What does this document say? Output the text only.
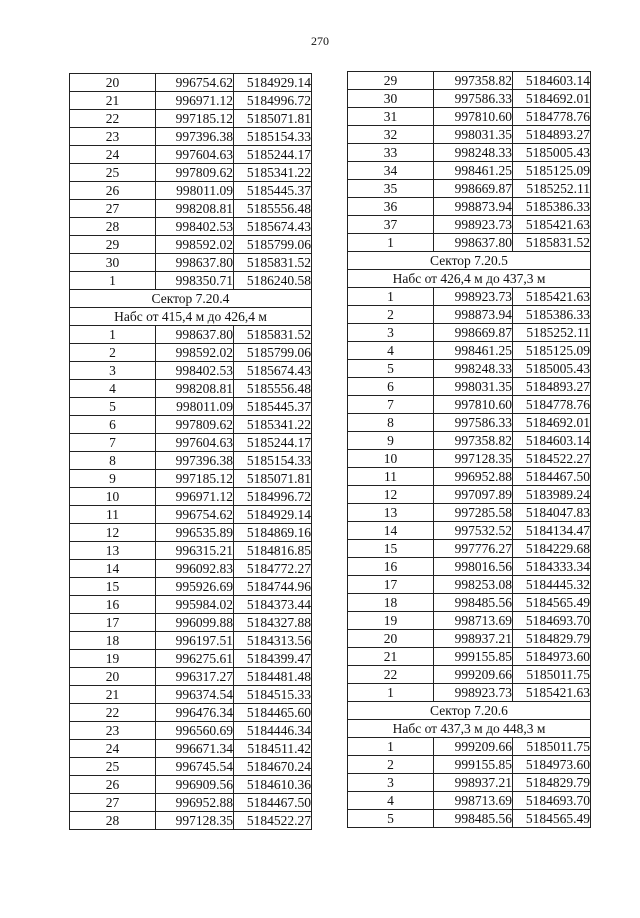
270
20	996754.62	5184929.14
21	996971.12	5184996.72
22	997185.12	5185071.81
23	997396.38	5185154.33
24	997604.63	5185244.17
25	997809.62	5185341.22
26	998011.09	5185445.37
27	998208.81	5185556.48
28	998402.53	5185674.43
29	998592.02	5185799.06
30	998637.80	5185831.52
1	998350.71	5186240.58
Сектор 7.20.4		
Набс от 415,4 м до 426,4 м		
1	998637.80	5185831.52
2	998592.02	5185799.06
3	998402.53	5185674.43
4	998208.81	5185556.48
5	998011.09	5185445.37
6	997809.62	5185341.22
7	997604.63	5185244.17
8	997396.38	5185154.33
9	997185.12	5185071.81
10	996971.12	5184996.72
11	996754.62	5184929.14
12	996535.89	5184869.16
13	996315.21	5184816.85
14	996092.83	5184772.27
15	995926.69	5184744.96
16	995984.02	5184373.44
17	996099.88	5184327.88
18	996197.51	5184313.56
19	996275.61	5184399.47
20	996317.27	5184481.48
21	996374.54	5184515.33
22	996476.34	5184465.60
23	996560.69	5184446.34
24	996671.34	5184511.42
25	996745.54	5184670.24
26	996909.56	5184610.36
27	996952.88	5184467.50
28	997128.35	5184522.27
29	997358.82	5184603.14
30	997586.33	5184692.01
31	997810.60	5184778.76
32	998031.35	5184893.27
33	998248.33	5185005.43
34	998461.25	5185125.09
35	998669.87	5185252.11
36	998873.94	5185386.33
37	998923.73	5185421.63
1	998637.80	5185831.52
Сектор 7.20.5		
Набс от 426,4 м до 437,3 м		
1	998923.73	5185421.63
2	998873.94	5185386.33
3	998669.87	5185252.11
4	998461.25	5185125.09
5	998248.33	5185005.43
6	998031.35	5184893.27
7	997810.60	5184778.76
8	997586.33	5184692.01
9	997358.82	5184603.14
10	997128.35	5184522.27
11	996952.88	5184467.50
12	997097.89	5183989.24
13	997285.58	5184047.83
14	997532.52	5184134.47
15	997776.27	5184229.68
16	998016.56	5184333.34
17	998253.08	5184445.32
18	998485.56	5184565.49
19	998713.69	5184693.70
20	998937.21	5184829.79
21	999155.85	5184973.60
22	999209.66	5185011.75
1	998923.73	5185421.63
Сектор 7.20.6		
Набс от 437,3 м до 448,3 м		
1	999209.66	5185011.75
2	999155.85	5184973.60
3	998937.21	5184829.79
4	998713.69	5184693.70
5	998485.56	5184565.49
